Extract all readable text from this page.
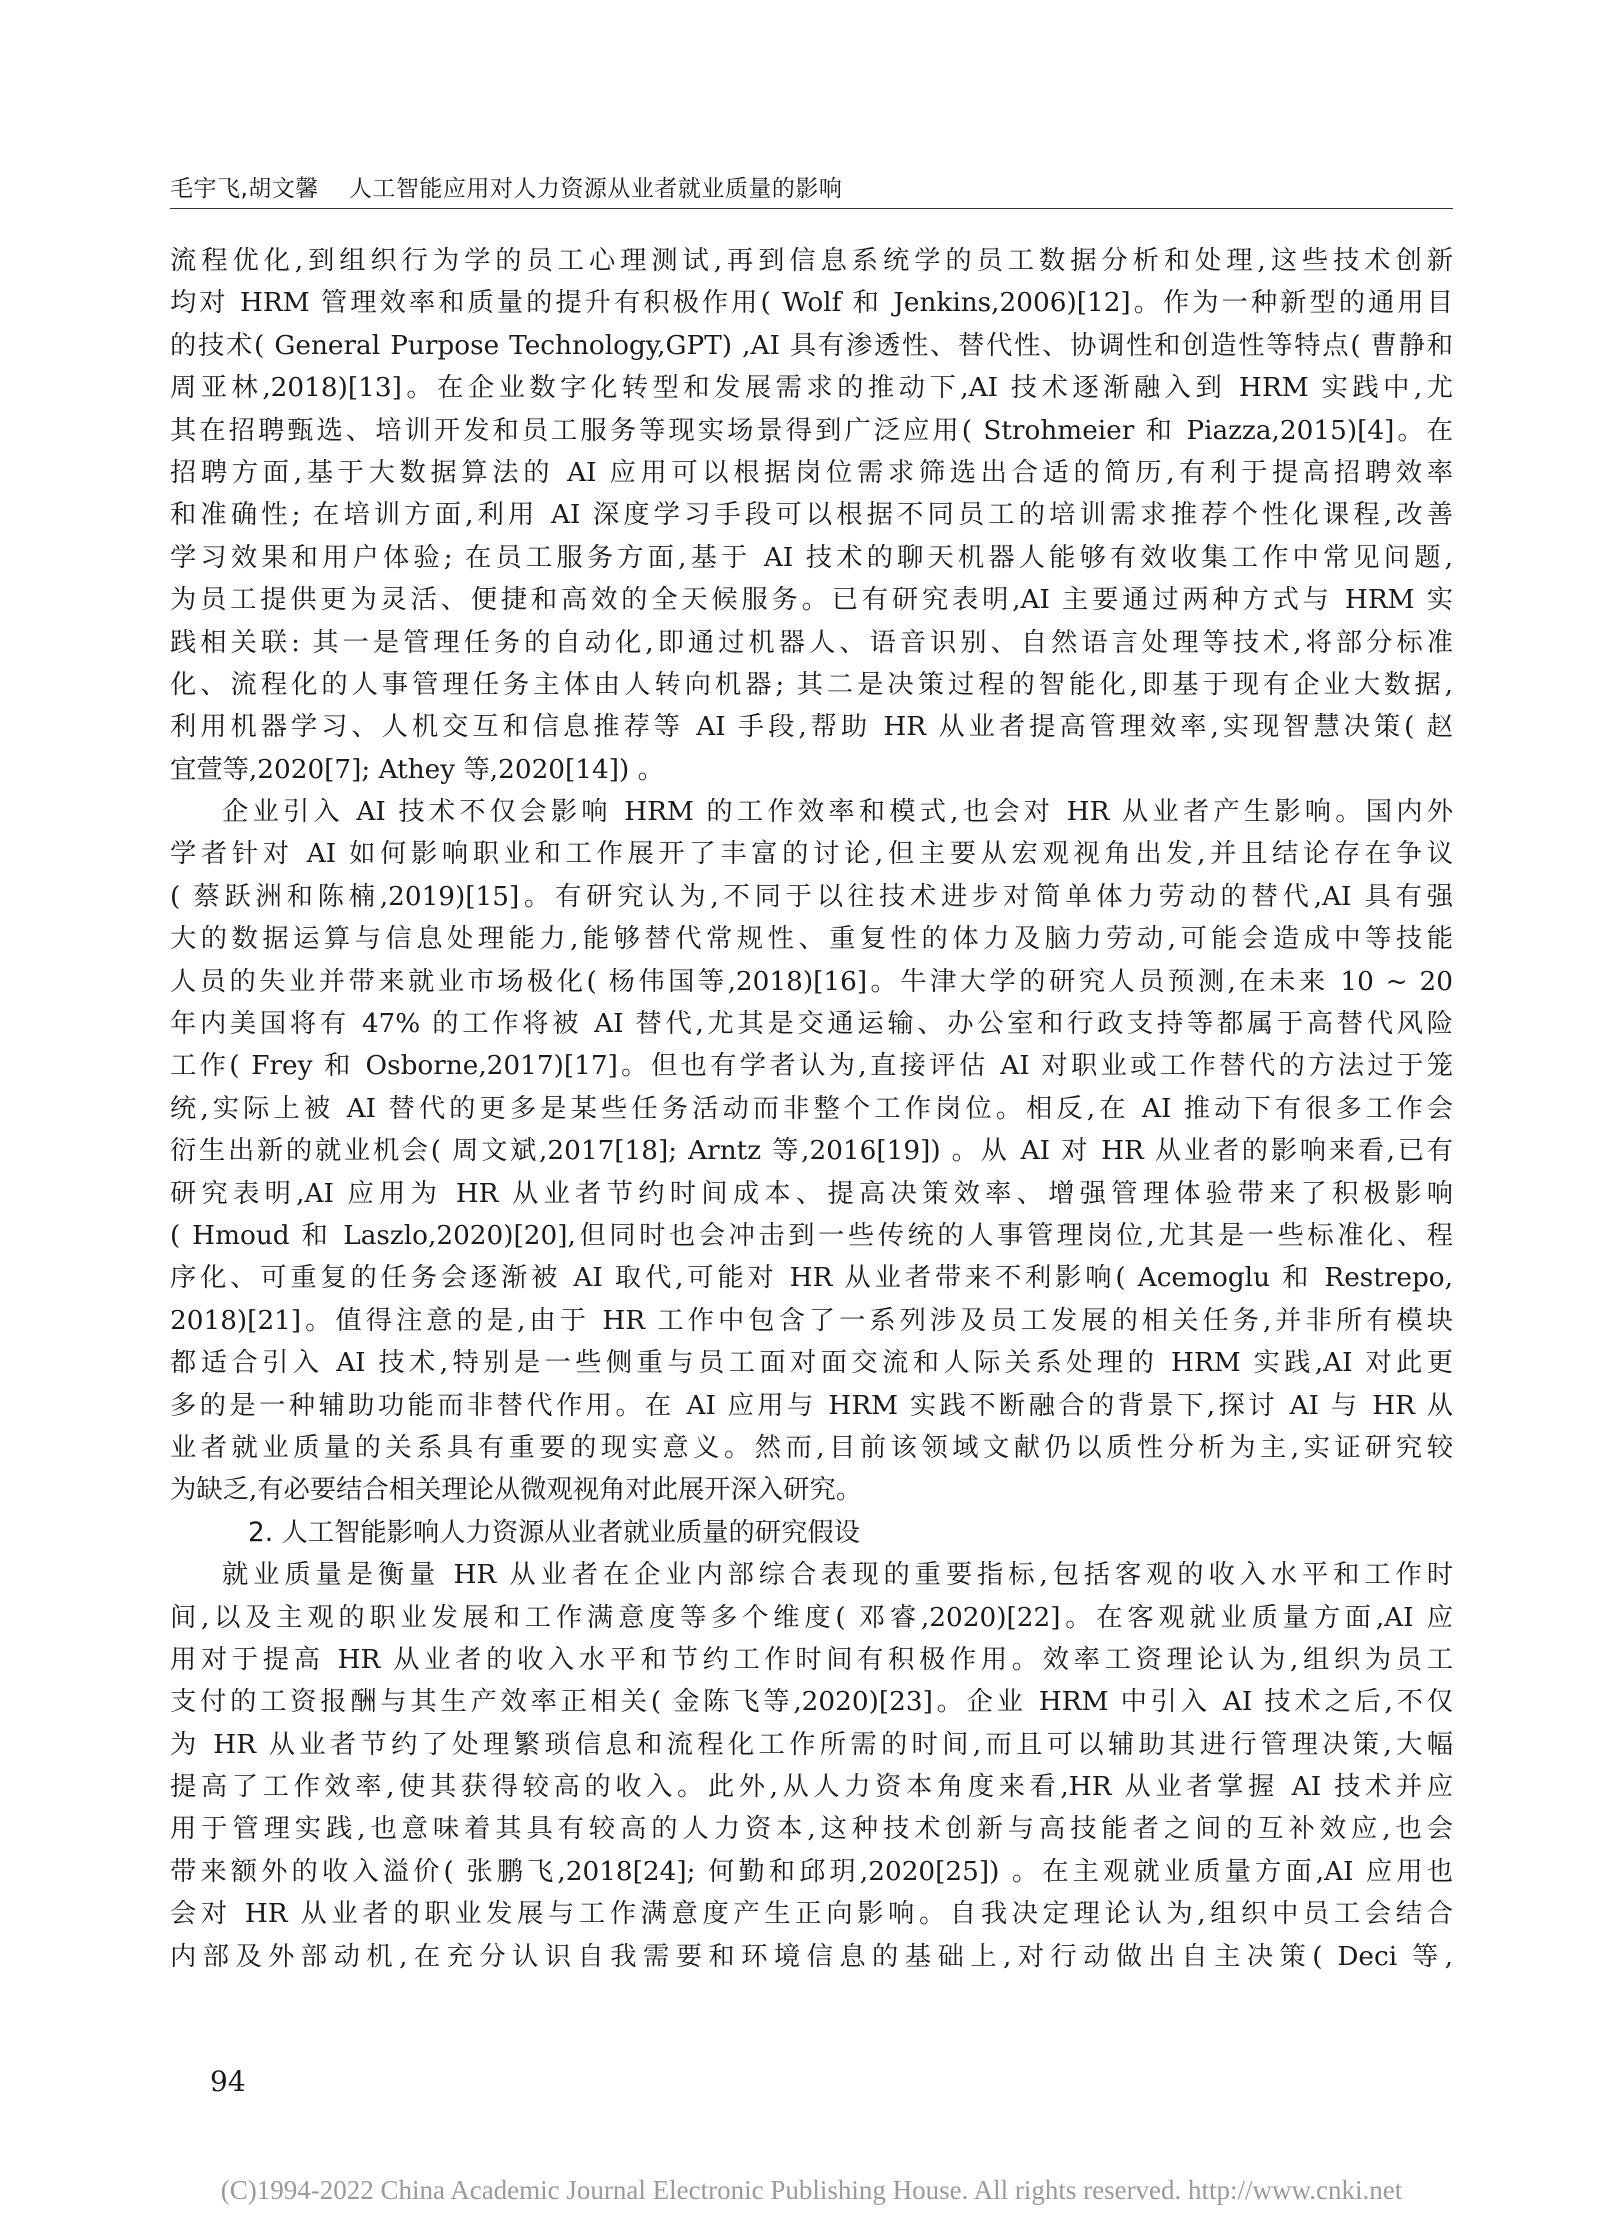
毛宇飞,胡文馨 人工智能应用对人力资源从业者就业质量的影响
流程优化,到组织行为学的员工心理测试,再到信息系统学的员工数据分析和处理,这些技术创新
均对 HRM 管理效率和质量的提升有积极作用( Wolf 和 Jenkins,2006)[12]。作为一种新型的通用目
的技术( General Purpose Technology,GPT) ,AI 具有渗透性、替代性、协调性和创造性等特点( 曹静和
周亚林,2018)[13]。在企业数字化转型和发展需求的推动下,AI 技术逐渐融入到 HRM 实践中,尤
其在招聘甄选、培训开发和员工服务等现实场景得到广泛应用( Strohmeier 和 Piazza,2015)[4]。在
招聘方面,基于大数据算法的 AI 应用可以根据岗位需求筛选出合适的简历,有利于提高招聘效率
和准确性; 在培训方面,利用 AI 深度学习手段可以根据不同员工的培训需求推荐个性化课程,改善
学习效果和用户体验; 在员工服务方面,基于 AI 技术的聊天机器人能够有效收集工作中常见问题,
为员工提供更为灵活、便捷和高效的全天候服务。已有研究表明,AI 主要通过两种方式与 HRM 实
践相关联: 其一是管理任务的自动化,即通过机器人、语音识别、自然语言处理等技术,将部分标准
化、流程化的人事管理任务主体由人转向机器; 其二是决策过程的智能化,即基于现有企业大数据,
利用机器学习、人机交互和信息推荐等 AI 手段,帮助 HR 从业者提高管理效率,实现智慧决策( 赵
宜萱等,2020[7]; Athey 等,2020[14]) 。
企业引入 AI 技术不仅会影响 HRM 的工作效率和模式,也会对 HR 从业者产生影响。国内外
学者针对 AI 如何影响职业和工作展开了丰富的讨论,但主要从宏观视角出发,并且结论存在争议
( 蔡跃洲和陈楠,2019)[15]。有研究认为,不同于以往技术进步对简单体力劳动的替代,AI 具有强
大的数据运算与信息处理能力,能够替代常规性、重复性的体力及脑力劳动,可能会造成中等技能
人员的失业并带来就业市场极化( 杨伟国等,2018)[16]。牛津大学的研究人员预测,在未来 10 ~ 20
年内美国将有 47% 的工作将被 AI 替代,尤其是交通运输、办公室和行政支持等都属于高替代风险
工作( Frey 和 Osborne,2017)[17]。但也有学者认为,直接评估 AI 对职业或工作替代的方法过于笼
统,实际上被 AI 替代的更多是某些任务活动而非整个工作岗位。相反,在 AI 推动下有很多工作会
衍生出新的就业机会( 周文斌,2017[18]; Arntz 等,2016[19]) 。从 AI 对 HR 从业者的影响来看,已有
研究表明,AI 应用为 HR 从业者节约时间成本、提高决策效率、增强管理体验带来了积极影响
( Hmoud 和 Laszlo,2020)[20],但同时也会冲击到一些传统的人事管理岗位,尤其是一些标准化、程
序化、可重复的任务会逐渐被 AI 取代,可能对 HR 从业者带来不利影响( Acemoglu 和 Restrepo,
2018)[21]。值得注意的是,由于 HR 工作中包含了一系列涉及员工发展的相关任务,并非所有模块
都适合引入 AI 技术,特别是一些侧重与员工面对面交流和人际关系处理的 HRM 实践,AI 对此更
多的是一种辅助功能而非替代作用。在 AI 应用与 HRM 实践不断融合的背景下,探讨 AI 与 HR 从
业者就业质量的关系具有重要的现实意义。然而,目前该领域文献仍以质性分析为主,实证研究较
为缺乏,有必要结合相关理论从微观视角对此展开深入研究。
2. 人工智能影响人力资源从业者就业质量的研究假设
就业质量是衡量 HR 从业者在企业内部综合表现的重要指标,包括客观的收入水平和工作时
间,以及主观的职业发展和工作满意度等多个维度( 邓睿,2020)[22]。在客观就业质量方面,AI 应
用对于提高 HR 从业者的收入水平和节约工作时间有积极作用。效率工资理论认为,组织为员工
支付的工资报酬与其生产效率正相关( 金陈飞等,2020)[23]。企业 HRM 中引入 AI 技术之后,不仅
为 HR 从业者节约了处理繁琐信息和流程化工作所需的时间,而且可以辅助其进行管理决策,大幅
提高了工作效率,使其获得较高的收入。此外,从人力资本角度来看,HR 从业者掌握 AI 技术并应
用于管理实践,也意味着其具有较高的人力资本,这种技术创新与高技能者之间的互补效应,也会
带来额外的收入溢价( 张鹏飞,2018[24]; 何勤和邱玥,2020[25]) 。在主观就业质量方面,AI 应用也
会对 HR 从业者的职业发展与工作满意度产生正向影响。自我决定理论认为,组织中员工会结合
内部及外部动机,在充分认识自我需要和环境信息的基础上,对行动做出自主决策( Deci 等,
94
(C)1994-2022 China Academic Journal Electronic Publishing House. All rights reserved. http://www.cnki.net
